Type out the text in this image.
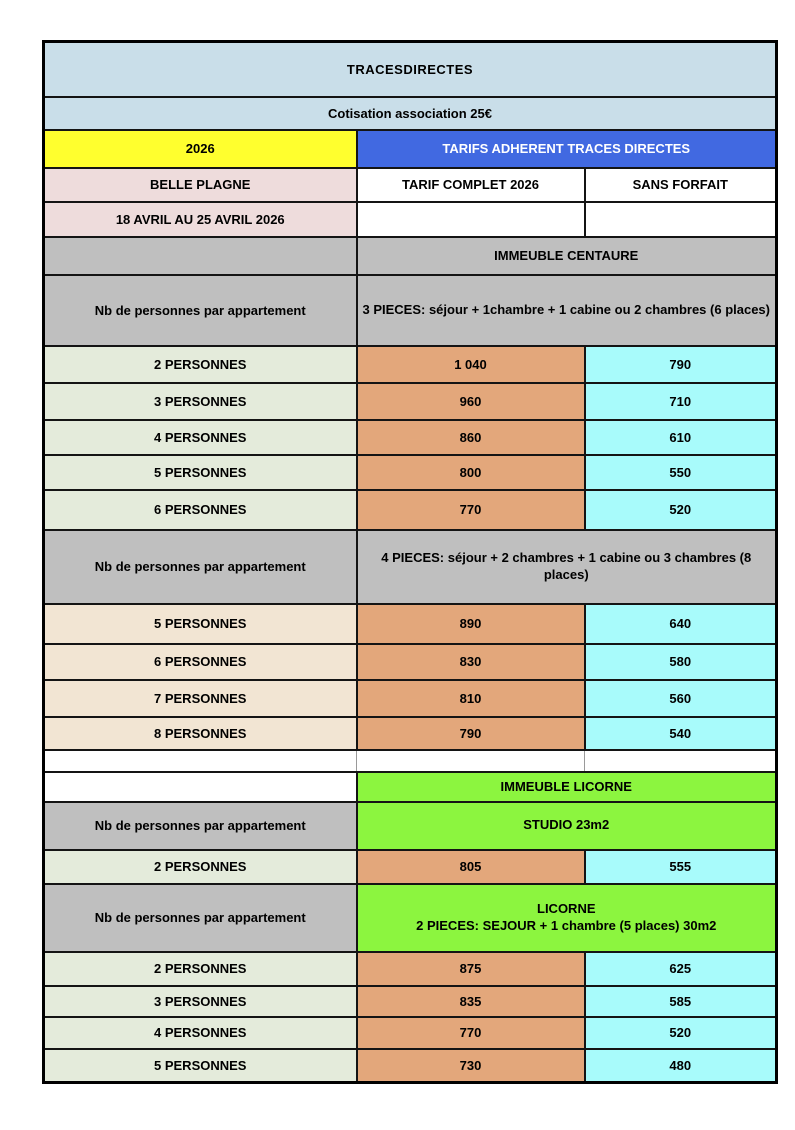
TRACESDIRECTES		
Cotisation association 25€		
2026	TARIFS ADHERENT TRACES DIRECTES	
BELLE PLAGNE	TARIF COMPLET 2026	SANS FORFAIT
18 AVRIL AU 25 AVRIL 2026		
	IMMEUBLE CENTAURE	
Nb de personnes par appartement	3 PIECES: séjour + 1chambre + 1 cabine ou 2 chambres (6 places)	
2 PERSONNES	1 040	790
3 PERSONNES	960	710
4 PERSONNES	860	610
5 PERSONNES	800	550
6 PERSONNES	770	520
Nb de personnes par appartement	4 PIECES: séjour + 2 chambres + 1 cabine ou 3 chambres (8 places)	
5 PERSONNES	890	640
6 PERSONNES	830	580
7 PERSONNES	810	560
8 PERSONNES	790	540

	IMMEUBLE LICORNE	
Nb de personnes par appartement	STUDIO 23m2	
2 PERSONNES	805	555
Nb de personnes par appartement	LICORNE
2 PIECES: SEJOUR + 1 chambre (5 places) 30m2	

2 PERSONNES	875	625
3 PERSONNES	835	585
4 PERSONNES	770	520
5 PERSONNES	730	480
